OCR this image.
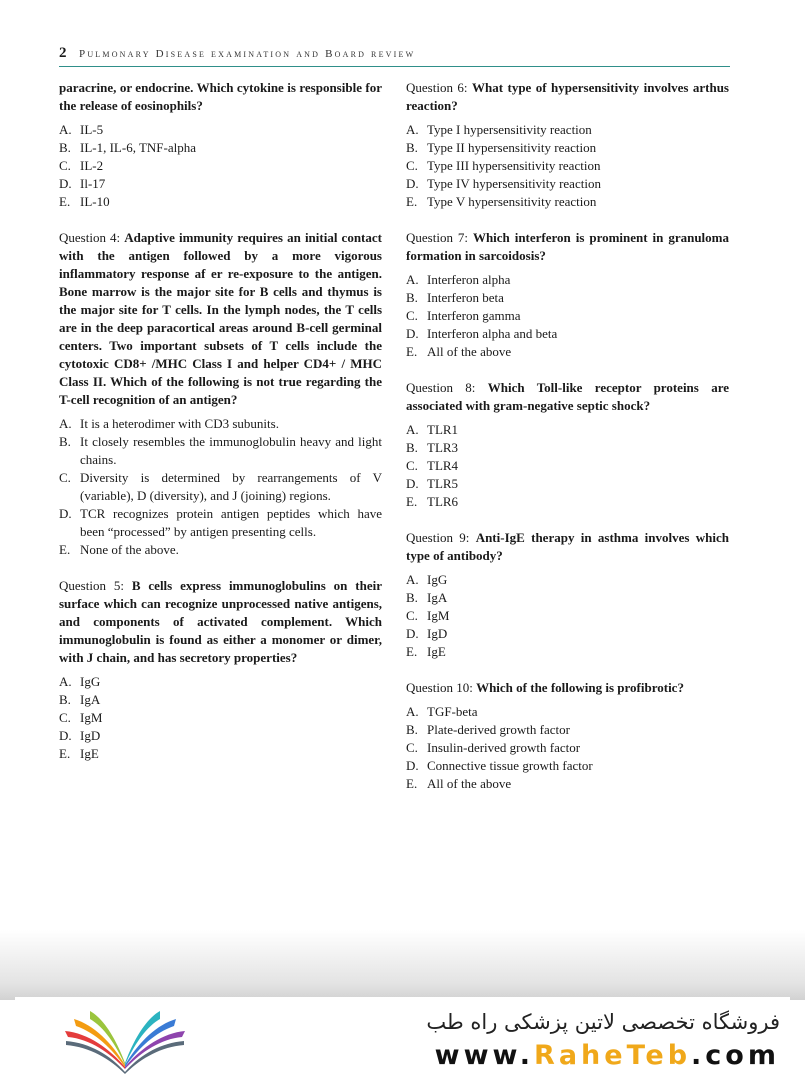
2 Pulmonary Disease examination and Board review

paracrine, or endocrine. Which cytokine is responsible for the release of eosinophils?

A. IL-5
B. IL-1, IL-6, TNF-alpha
C. IL-2
D. Il-17
E. IL-10

Question 4: Adaptive immunity requires an initial contact with the antigen followed by a more vigorous inflammatory response af er re-exposure to the antigen. Bone marrow is the major site for B cells and thymus is the major site for T cells. In the lymph nodes, the T cells are in the deep paracortical areas around B-cell germinal centers. Two important subsets of T cells include the cytotoxic CD8+ /MHC Class I and helper CD4+ / MHC Class II. Which of the following is not true regarding the T-cell recognition of an antigen?

A. It is a heterodimer with CD3 subunits.
B. It closely resembles the immunoglobulin heavy and light chains.
C. Diversity is determined by rearrangements of V (variable), D (diversity), and J (joining) regions.
D. TCR recognizes protein antigen peptides which have been “processed” by antigen presenting cells.
E. None of the above.

Question 5: B cells express immunoglobulins on their surface which can recognize unprocessed native antigens, and components of activated complement. Which immunoglobulin is found as either a monomer or dimer, with J chain, and has secretory properties?

A. IgG
B. IgA
C. IgM
D. IgD
E. IgE

Question 6: What type of hypersensitivity involves arthus reaction?

A. Type I hypersensitivity reaction
B. Type II hypersensitivity reaction
C. Type III hypersensitivity reaction
D. Type IV hypersensitivity reaction
E. Type V hypersensitivity reaction

Question 7: Which interferon is prominent in granuloma formation in sarcoidosis?

A. Interferon alpha
B. Interferon beta
C. Interferon gamma
D. Interferon alpha and beta
E. All of the above

Question 8: Which Toll-like receptor proteins are associated with gram-negative septic shock?

A. TLR1
B. TLR3
C. TLR4
D. TLR5
E. TLR6

Question 9: Anti-IgE therapy in asthma involves which type of antibody?

A. IgG
B. IgA
C. IgM
D. IgD
E. IgE

Question 10: Which of the following is profibrotic?

A. TGF-beta
B. Plate-derived growth factor
C. Insulin-derived growth factor
D. Connective tissue growth factor
E. All of the above
فروشگاه تخصصی لاتین پزشکی راه طب
www.RaheTeb.com
